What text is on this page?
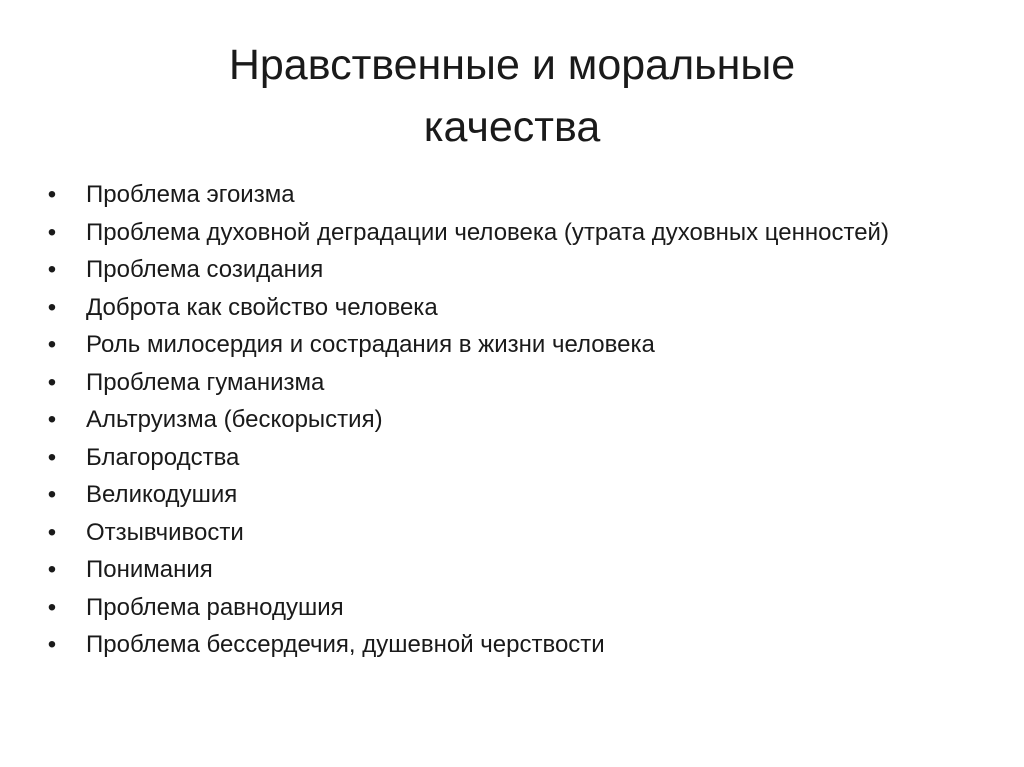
Нравственные и моральные качества
• Проблема эгоизма
• Проблема духовной деградации человека (утрата духовных ценностей)
• Проблема созидания
• Доброта как свойство человека
• Роль милосердия и сострадания в жизни человека
• Проблема гуманизма
• Альтруизма (бескорыстия)
• Благородства
• Великодушия
• Отзывчивости
• Понимания
• Проблема равнодушия
• Проблема бессердечия, душевной черствости
